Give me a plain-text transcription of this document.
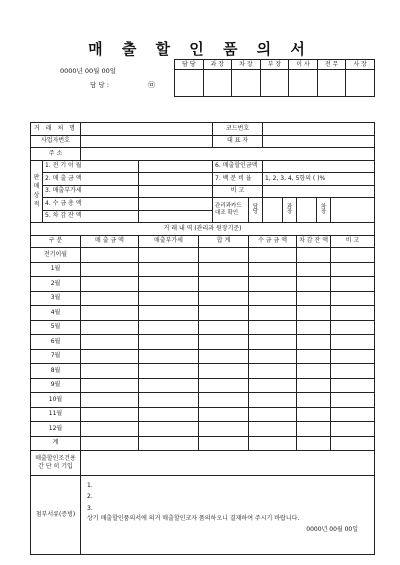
매 출 할 인 품 의 서
0000년 00월 00일
담 당 :	㉤
담 당	과 장	차 장	부 장	이 사	전 무	사 장

거 래 처 명					코드번호							
사업자번호					대 표 자							
주 소												
판매상적	1. 전 기 이 월				6. 매출할인금액							
	2. 매 출 금 액				7. 백 분 비 율		1, 2, 3, 4, 5항의 ( )%					
	3. 매출부가세				비 고							
	4. 수 금 총 액				관리과카드 대조 확인	담 당		과 장		차 장		
	5. 차 감 잔 액											
거 래 내 역 (관리과 원장기준)												
구 분		매 출 금 액	매출부가세	합 계		수 금 금 액			차 감 잔 액		비 고	
전기이월												
1월												
2월												
3월												
4월												
5월												
6월												
7월												
8월												
9월												
10월												
11월												
12월												
계												
매출할인조건용 간 단 히 기입												
첨부서류(증빙)		1.
2.
3.
상기 매출할인품의서에 의거 매출할인코자 품의하오니 결재하여 주시기 바랍니다.
0000년 00월 00일										
